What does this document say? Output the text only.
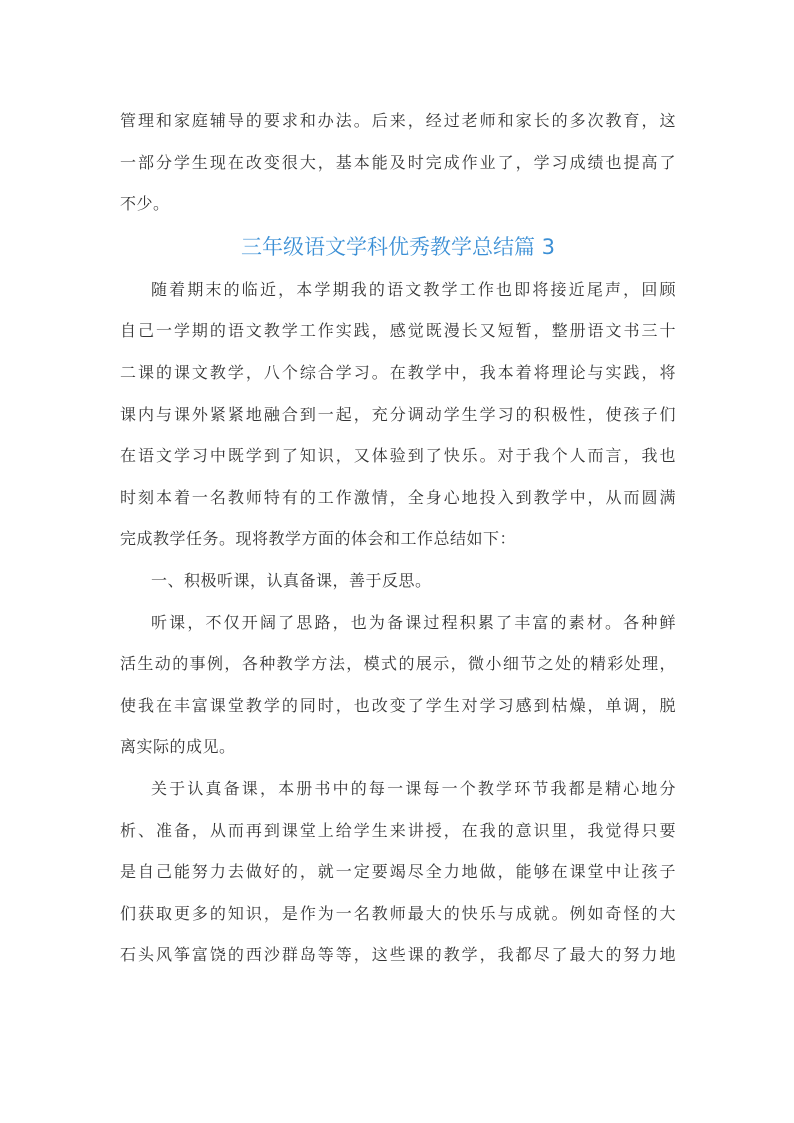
管理和家庭辅导的要求和办法。后来，经过老师和家长的多次教育，这
一部分学生现在改变很大，基本能及时完成作业了，学习成绩也提高了
不少。
三年级语文学科优秀教学总结篇 3
随着期末的临近，本学期我的语文教学工作也即将接近尾声，回顾
自己一学期的语文教学工作实践，感觉既漫长又短暂，整册语文书三十
二课的课文教学，八个综合学习。在教学中，我本着将理论与实践，将
课内与课外紧紧地融合到一起，充分调动学生学习的积极性，使孩子们
在语文学习中既学到了知识，又体验到了快乐。对于我个人而言，我也
时刻本着一名教师特有的工作激情，全身心地投入到教学中，从而圆满
完成教学任务。现将教学方面的体会和工作总结如下：
一、积极听课，认真备课，善于反思。
听课，不仅开阔了思路，也为备课过程积累了丰富的素材。各种鲜
活生动的事例，各种教学方法，模式的展示，微小细节之处的精彩处理，
使我在丰富课堂教学的同时，也改变了学生对学习感到枯燥，单调，脱
离实际的成见。
关于认真备课，本册书中的每一课每一个教学环节我都是精心地分
析、准备，从而再到课堂上给学生来讲授，在我的意识里，我觉得只要
是自己能努力去做好的，就一定要竭尽全力地做，能够在课堂中让孩子
们获取更多的知识，是作为一名教师最大的快乐与成就。例如奇怪的大
石头风筝富饶的西沙群岛等等，这些课的教学，我都尽了最大的努力地
